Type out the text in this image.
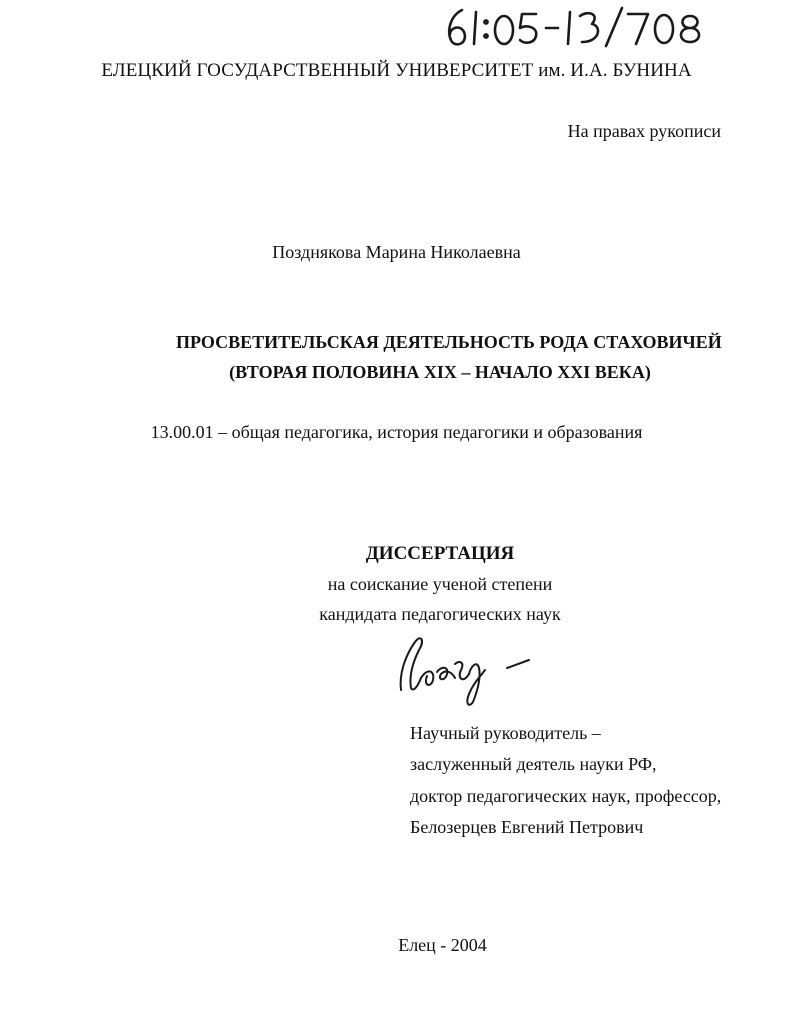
ЕЛЕЦКИЙ ГОСУДАРСТВЕННЫЙ УНИВЕРСИТЕТ им. И.А. БУНИНА
На правах рукописи
Позднякова Марина Николаевна
ПРОСВЕТИТЕЛЬСКАЯ ДЕЯТЕЛЬНОСТЬ РОДА СТАХОВИЧЕЙ
(ВТОРАЯ ПОЛОВИНА XIX – НАЧАЛО XXI ВЕКА)
13.00.01 – общая педагогика, история педагогики и образования
ДИССЕРТАЦИЯ
на соискание ученой степени
кандидата педагогических наук
Научный руководитель –
заслуженный деятель науки РФ,
доктор педагогических наук, профессор,
Белозерцев Евгений Петрович
Елец - 2004
